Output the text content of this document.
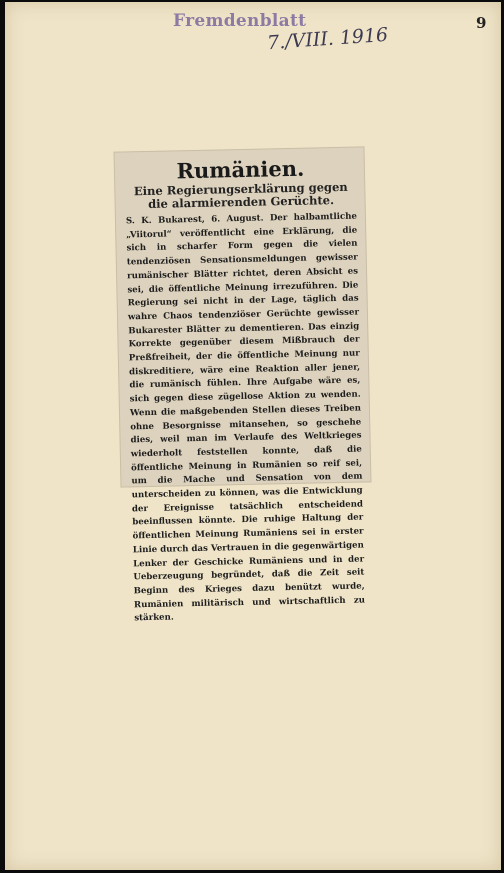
Fremdenblatt
7./VIII. 1916
9
Rumänien.
Eine Regierungserklärung gegen die alarmierenden Gerüchte.

S. K. Bukarest, 6. August. Der halbamtliche „Viitorul“ veröffentlicht eine Erklärung, die sich in scharfer Form gegen die vielen tendenziösen Sensationsmeldungen gewisser rumänischer Blätter richtet, deren Absicht es sei, die öffentliche Meinung irrezuführen. Die Regierung sei nicht in der Lage, täglich das wahre Chaos tendenziöser Gerüchte gewisser Bukarester Blätter zu dementieren. Das einzig Korrekte gegenüber diesem Mißbrauch der Preßfreiheit, der die öffentliche Meinung nur diskreditiere, wäre eine Reaktion aller jener, die rumänisch fühlen. Ihre Aufgabe wäre es, sich gegen diese zügellose Aktion zu wenden. Wenn die maßgebenden Stellen dieses Treiben ohne Besorgnisse mitansehen, so geschehe dies, weil man im Verlaufe des Weltkrieges wiederholt feststellen konnte, daß die öffentliche Meinung in Rumänien so reif sei, um die Mache und Sensation von dem unterscheiden zu können, was die Entwicklung der Ereignisse tatsächlich entscheidend beeinflussen könnte. Die ruhige Haltung der öffentlichen Meinung Rumäniens sei in erster Linie durch das Vertrauen in die gegenwärtigen Lenker der Geschicke Rumäniens und in der Ueberzeugung begründet, daß die Zeit seit Beginn des Krieges dazu benützt wurde, Rumänien militärisch und wirtschaftlich zu stärken.
